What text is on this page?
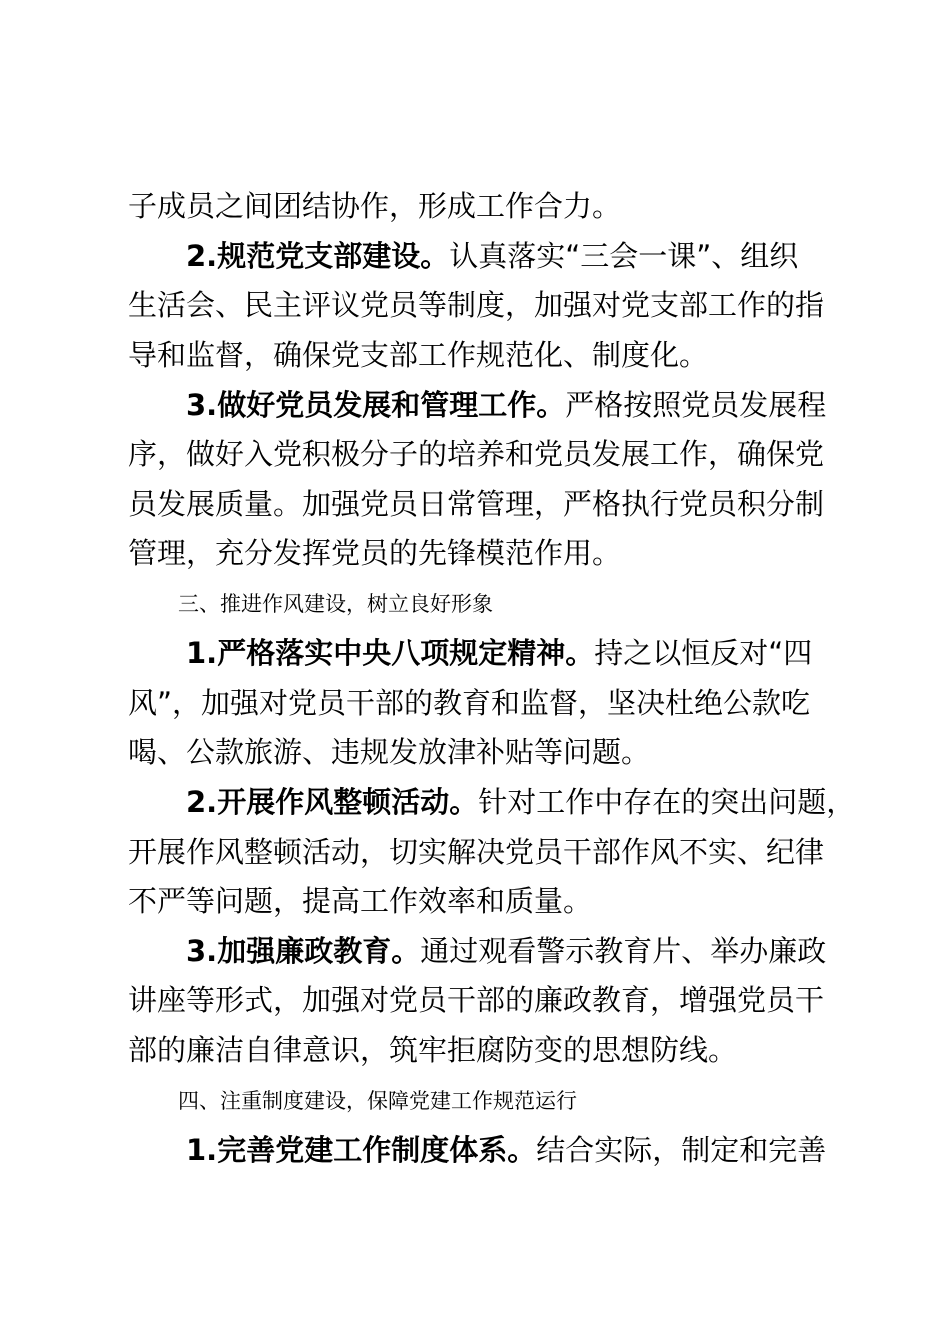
子成员之间团结协作，形成工作合力。
2.规范党支部建设。认真落实“三会一课”、组织
生活会、民主评议党员等制度，加强对党支部工作的指
导和监督，确保党支部工作规范化、制度化。
3.做好党员发展和管理工作。严格按照党员发展程
序，做好入党积极分子的培养和党员发展工作，确保党
员发展质量。加强党员日常管理，严格执行党员积分制
管理，充分发挥党员的先锋模范作用。
三、推进作风建设，树立良好形象
1.严格落实中央八项规定精神。持之以恒反对“四
风”，加强对党员干部的教育和监督，坚决杜绝公款吃
喝、公款旅游、违规发放津补贴等问题。
2.开展作风整顿活动。针对工作中存在的突出问题，
开展作风整顿活动，切实解决党员干部作风不实、纪律
不严等问题，提高工作效率和质量。
3.加强廉政教育。通过观看警示教育片、举办廉政
讲座等形式，加强对党员干部的廉政教育，增强党员干
部的廉洁自律意识，筑牢拒腐防变的思想防线。
四、注重制度建设，保障党建工作规范运行
1.完善党建工作制度体系。结合实际，制定和完善
